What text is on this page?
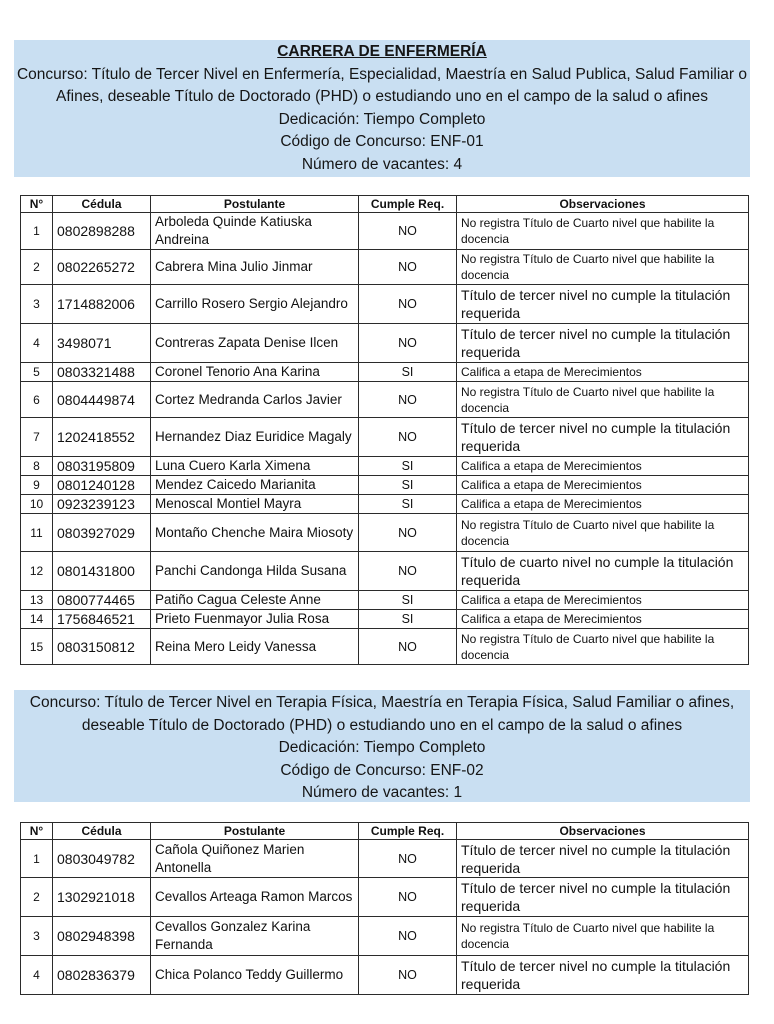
CARRERA DE ENFERMERÍA
Concurso: Título de Tercer Nivel en Enfermería, Especialidad, Maestría en Salud Publica, Salud Familiar o
Afines, deseable Título de Doctorado (PHD) o estudiando uno en el campo de la salud o afines
Dedicación: Tiempo Completo
Código de Concurso: ENF-01
Número de vacantes: 4
N°	Cédula	Postulante	Cumple Req.	Observaciones
1	0802898288	Arboleda Quinde Katiuska Andreina	NO	No registra Título de Cuarto nivel que habilite la docencia
2	0802265272	Cabrera Mina Julio Jinmar	NO	No registra Título de Cuarto nivel que habilite la docencia
3	1714882006	Carrillo Rosero Sergio Alejandro	NO	Título de tercer nivel no cumple la titulación requerida
4	3498071	Contreras Zapata Denise Ilcen	NO	Título de tercer nivel no cumple la titulación requerida
5	0803321488	Coronel Tenorio Ana Karina	SI	Califica a etapa de Merecimientos
6	0804449874	Cortez Medranda Carlos Javier	NO	No registra Título de Cuarto nivel que habilite la docencia
7	1202418552	Hernandez Diaz Euridice Magaly	NO	Título de tercer nivel no cumple la titulación requerida
8	0803195809	Luna Cuero Karla Ximena	SI	Califica a etapa de Merecimientos
9	0801240128	Mendez Caicedo Marianita	SI	Califica a etapa de Merecimientos
10	0923239123	Menoscal Montiel Mayra	SI	Califica a etapa de Merecimientos
11	0803927029	Montaño Chenche Maira Miosoty	NO	No registra Título de Cuarto nivel que habilite la docencia
12	0801431800	Panchi Candonga Hilda Susana	NO	Título de cuarto nivel no cumple la titulación requerida
13	0800774465	Patiño Cagua Celeste Anne	SI	Califica a etapa de Merecimientos
14	1756846521	Prieto Fuenmayor Julia Rosa	SI	Califica a etapa de Merecimientos
15	0803150812	Reina Mero Leidy Vanessa	NO	No registra Título de Cuarto nivel que habilite la docencia
Concurso: Título de Tercer Nivel en Terapia Física, Maestría en Terapia Física, Salud Familiar o afines,
deseable Título de Doctorado (PHD) o estudiando uno en el campo de la salud o afines
Dedicación: Tiempo Completo
Código de Concurso: ENF-02
Número de vacantes: 1
N°	Cédula	Postulante	Cumple Req.	Observaciones
1	0803049782	Cañola Quiñonez Marien Antonella	NO	Título de tercer nivel no cumple la titulación requerida
2	1302921018	Cevallos Arteaga Ramon Marcos	NO	Título de tercer nivel no cumple la titulación requerida
3	0802948398	Cevallos Gonzalez Karina Fernanda	NO	No registra Título de Cuarto nivel que habilite la docencia
4	0802836379	Chica Polanco Teddy Guillermo	NO	Título de tercer nivel no cumple la titulación requerida
